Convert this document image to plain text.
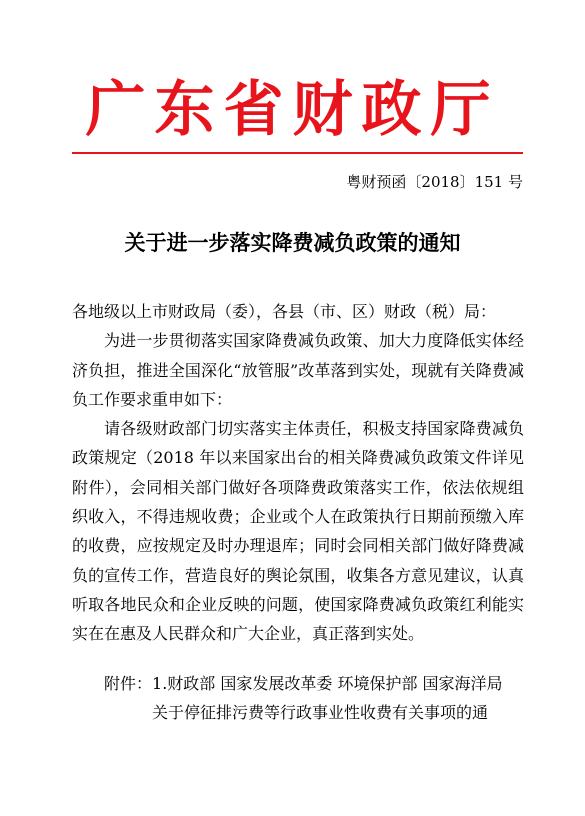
广东省财政厅
粤财预函〔2018〕151 号
关于进一步落实降费减负政策的通知

各地级以上市财政局（委），各县（市、区）财政（税）局：

为进一步贯彻落实国家降费减负政策、加大力度降低实体经济负担，推进全国深化“放管服”改革落到实处，现就有关降费减负工作要求重申如下：

请各级财政部门切实落实主体责任，积极支持国家降费减负政策规定（2018 年以来国家出台的相关降费减负政策文件详见附件），会同相关部门做好各项降费政策落实工作，依法依规组织收入，不得违规收费；企业或个人在政策执行日期前预缴入库的收费，应按规定及时办理退库；同时会同相关部门做好降费减负的宣传工作，营造良好的舆论氛围，收集各方意见建议，认真听取各地民众和企业反映的问题，使国家降费减负政策红利能实实在在惠及人民群众和广大企业，真正落到实处。

附件：1.财政部 国家发展改革委 环境保护部 国家海洋局

关于停征排污费等行政事业性收费有关事项的通
